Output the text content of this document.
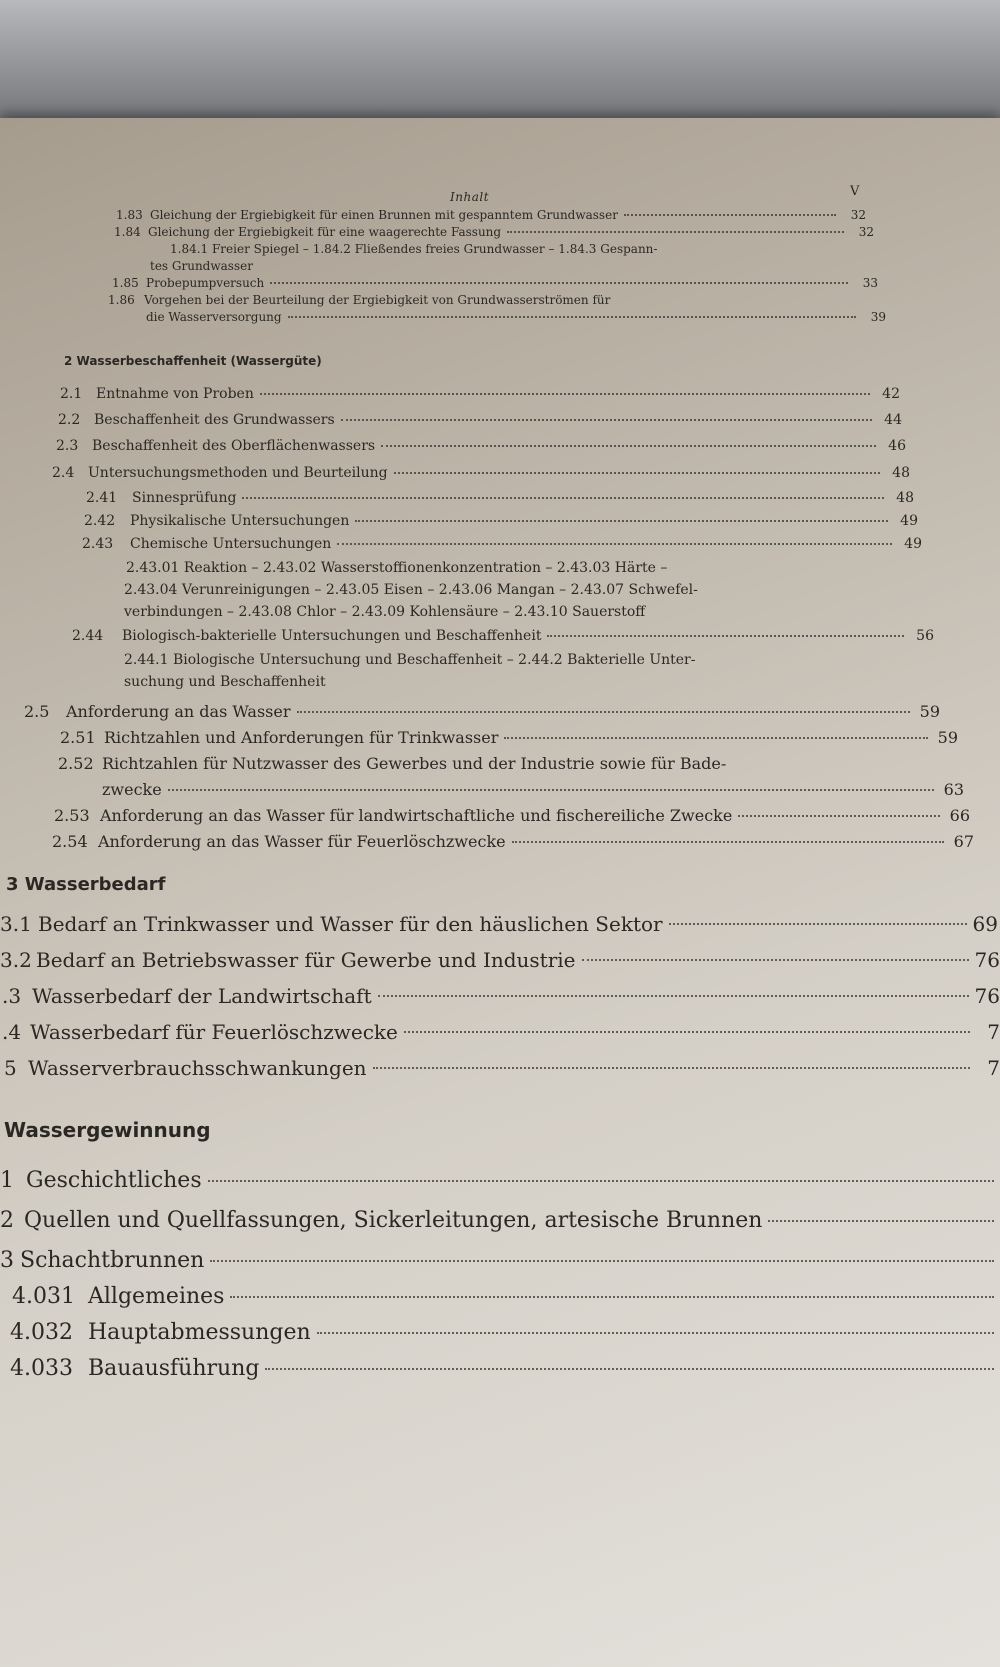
Inhalt	V
1.83 Gleichung der Ergiebigkeit für einen Brunnen mit gespanntem Grundwasser	32
1.84 Gleichung der Ergiebigkeit für eine waagerechte Fassung	32
1.84.1 Freier Spiegel – 1.84.2 Fließendes freies Grundwasser – 1.84.3 Gespann-
tes Grundwasser
1.85 Probepumpversuch	33
1.86 Vorgehen bei der Beurteilung der Ergiebigkeit von Grundwasserströmen für
die Wasserversorgung	39
2 Wasserbeschaffenheit (Wassergüte)
2.1 Entnahme von Proben	42
2.2 Beschaffenheit des Grundwassers	44
2.3 Beschaffenheit des Oberflächenwassers	46
2.4 Untersuchungsmethoden und Beurteilung	48
2.41	Sinnesprüfung	48
2.42	Physikalische Untersuchungen	49
2.43	Chemische Untersuchungen	49
2.43.01 Reaktion – 2.43.02 Wasserstoffionenkonzentration – 2.43.03 Härte –
2.43.04 Verunreinigungen – 2.43.05 Eisen – 2.43.06 Mangan – 2.43.07 Schwefel-
verbindungen – 2.43.08 Chlor – 2.43.09 Kohlensäure – 2.43.10 Sauerstoff
2.44	Biologisch-bakterielle Untersuchungen und Beschaffenheit	56
2.44.1 Biologische Untersuchung und Beschaffenheit – 2.44.2 Bakterielle Unter-
suchung und Beschaffenheit
2.5	Anforderung an das Wasser	59
2.51 Richtzahlen und Anforderungen für Trinkwasser	59
2.52 Richtzahlen für Nutzwasser des Gewerbes und der Industrie sowie für Bade-
zwecke	63
2.53 Anforderung an das Wasser für landwirtschaftliche und fischereiliche Zwecke	66
2.54 Anforderung an das Wasser für Feuerlöschzwecke	67
3 Wasserbedarf
3.1 Bedarf an Trinkwasser und Wasser für den häuslichen Sektor	69
3.2 Bedarf an Betriebswasser für Gewerbe und Industrie	76
.3 Wasserbedarf der Landwirtschaft	76
.4 Wasserbedarf für Feuerlöschzwecke	7
5 Wasserverbrauchsschwankungen	7
Wassergewinnung
1 Geschichtliches
2 Quellen und Quellfassungen, Sickerleitungen, artesische Brunnen
3 Schachtbrunnen
4.031 Allgemeines
4.032 Hauptabmessungen
4.033 Bauausführung
